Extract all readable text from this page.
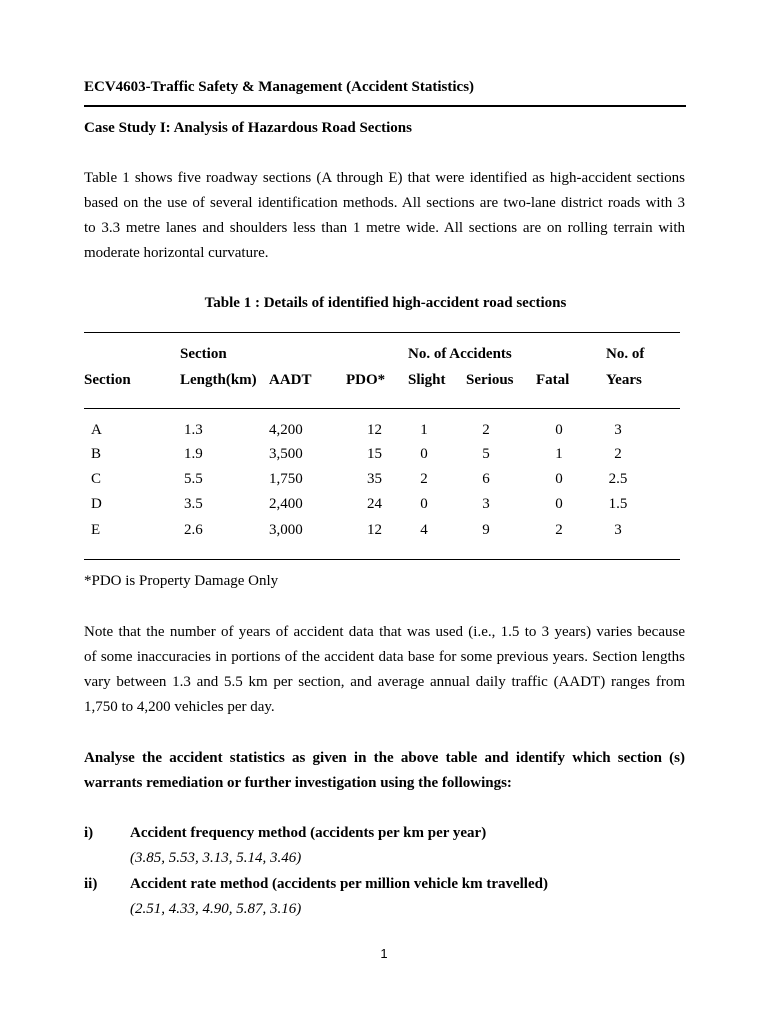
ECV4603-Traffic Safety & Management (Accident Statistics)
Case Study I: Analysis of Hazardous Road Sections
Table 1 shows five roadway sections (A through E) that were identified as high-accident sections
based on the use of several identification methods. All sections are two-lane district roads with 3
to 3.3 metre lanes and shoulders less than 1 metre wide. All sections are on rolling terrain with
moderate horizontal curvature.
Table 1 : Details of identified high-accident road sections
Section	No. of Accidents	No. of
Section	Length(km) AADT PDO* Slight Serious Fatal Years
A	1.3	4,200	12	1	2	0	3
B	1.9	3,500	15	0	5	1	2
C	5.5	1,750	35	2	6	0	2.5
D	3.5	2,400	24	0	3	0	1.5
E	2.6	3,000	12	4	9	2	3
*PDO is Property Damage Only
Note that the number of years of accident data that was used (i.e., 1.5 to 3 years) varies because
of some inaccuracies in portions of the accident data base for some previous years. Section lengths
vary between 1.3 and 5.5 km per section, and average annual daily traffic (AADT) ranges from
1,750 to 4,200 vehicles per day.
Analyse the accident statistics as given in the above table and identify which section (s)
warrants remediation or further investigation using the followings:
i) Accident frequency method (accidents per km per year)
(3.85, 5.53, 3.13, 5.14, 3.46)
ii) Accident rate method (accidents per million vehicle km travelled)
(2.51, 4.33, 4.90, 5.87, 3.16)
1
